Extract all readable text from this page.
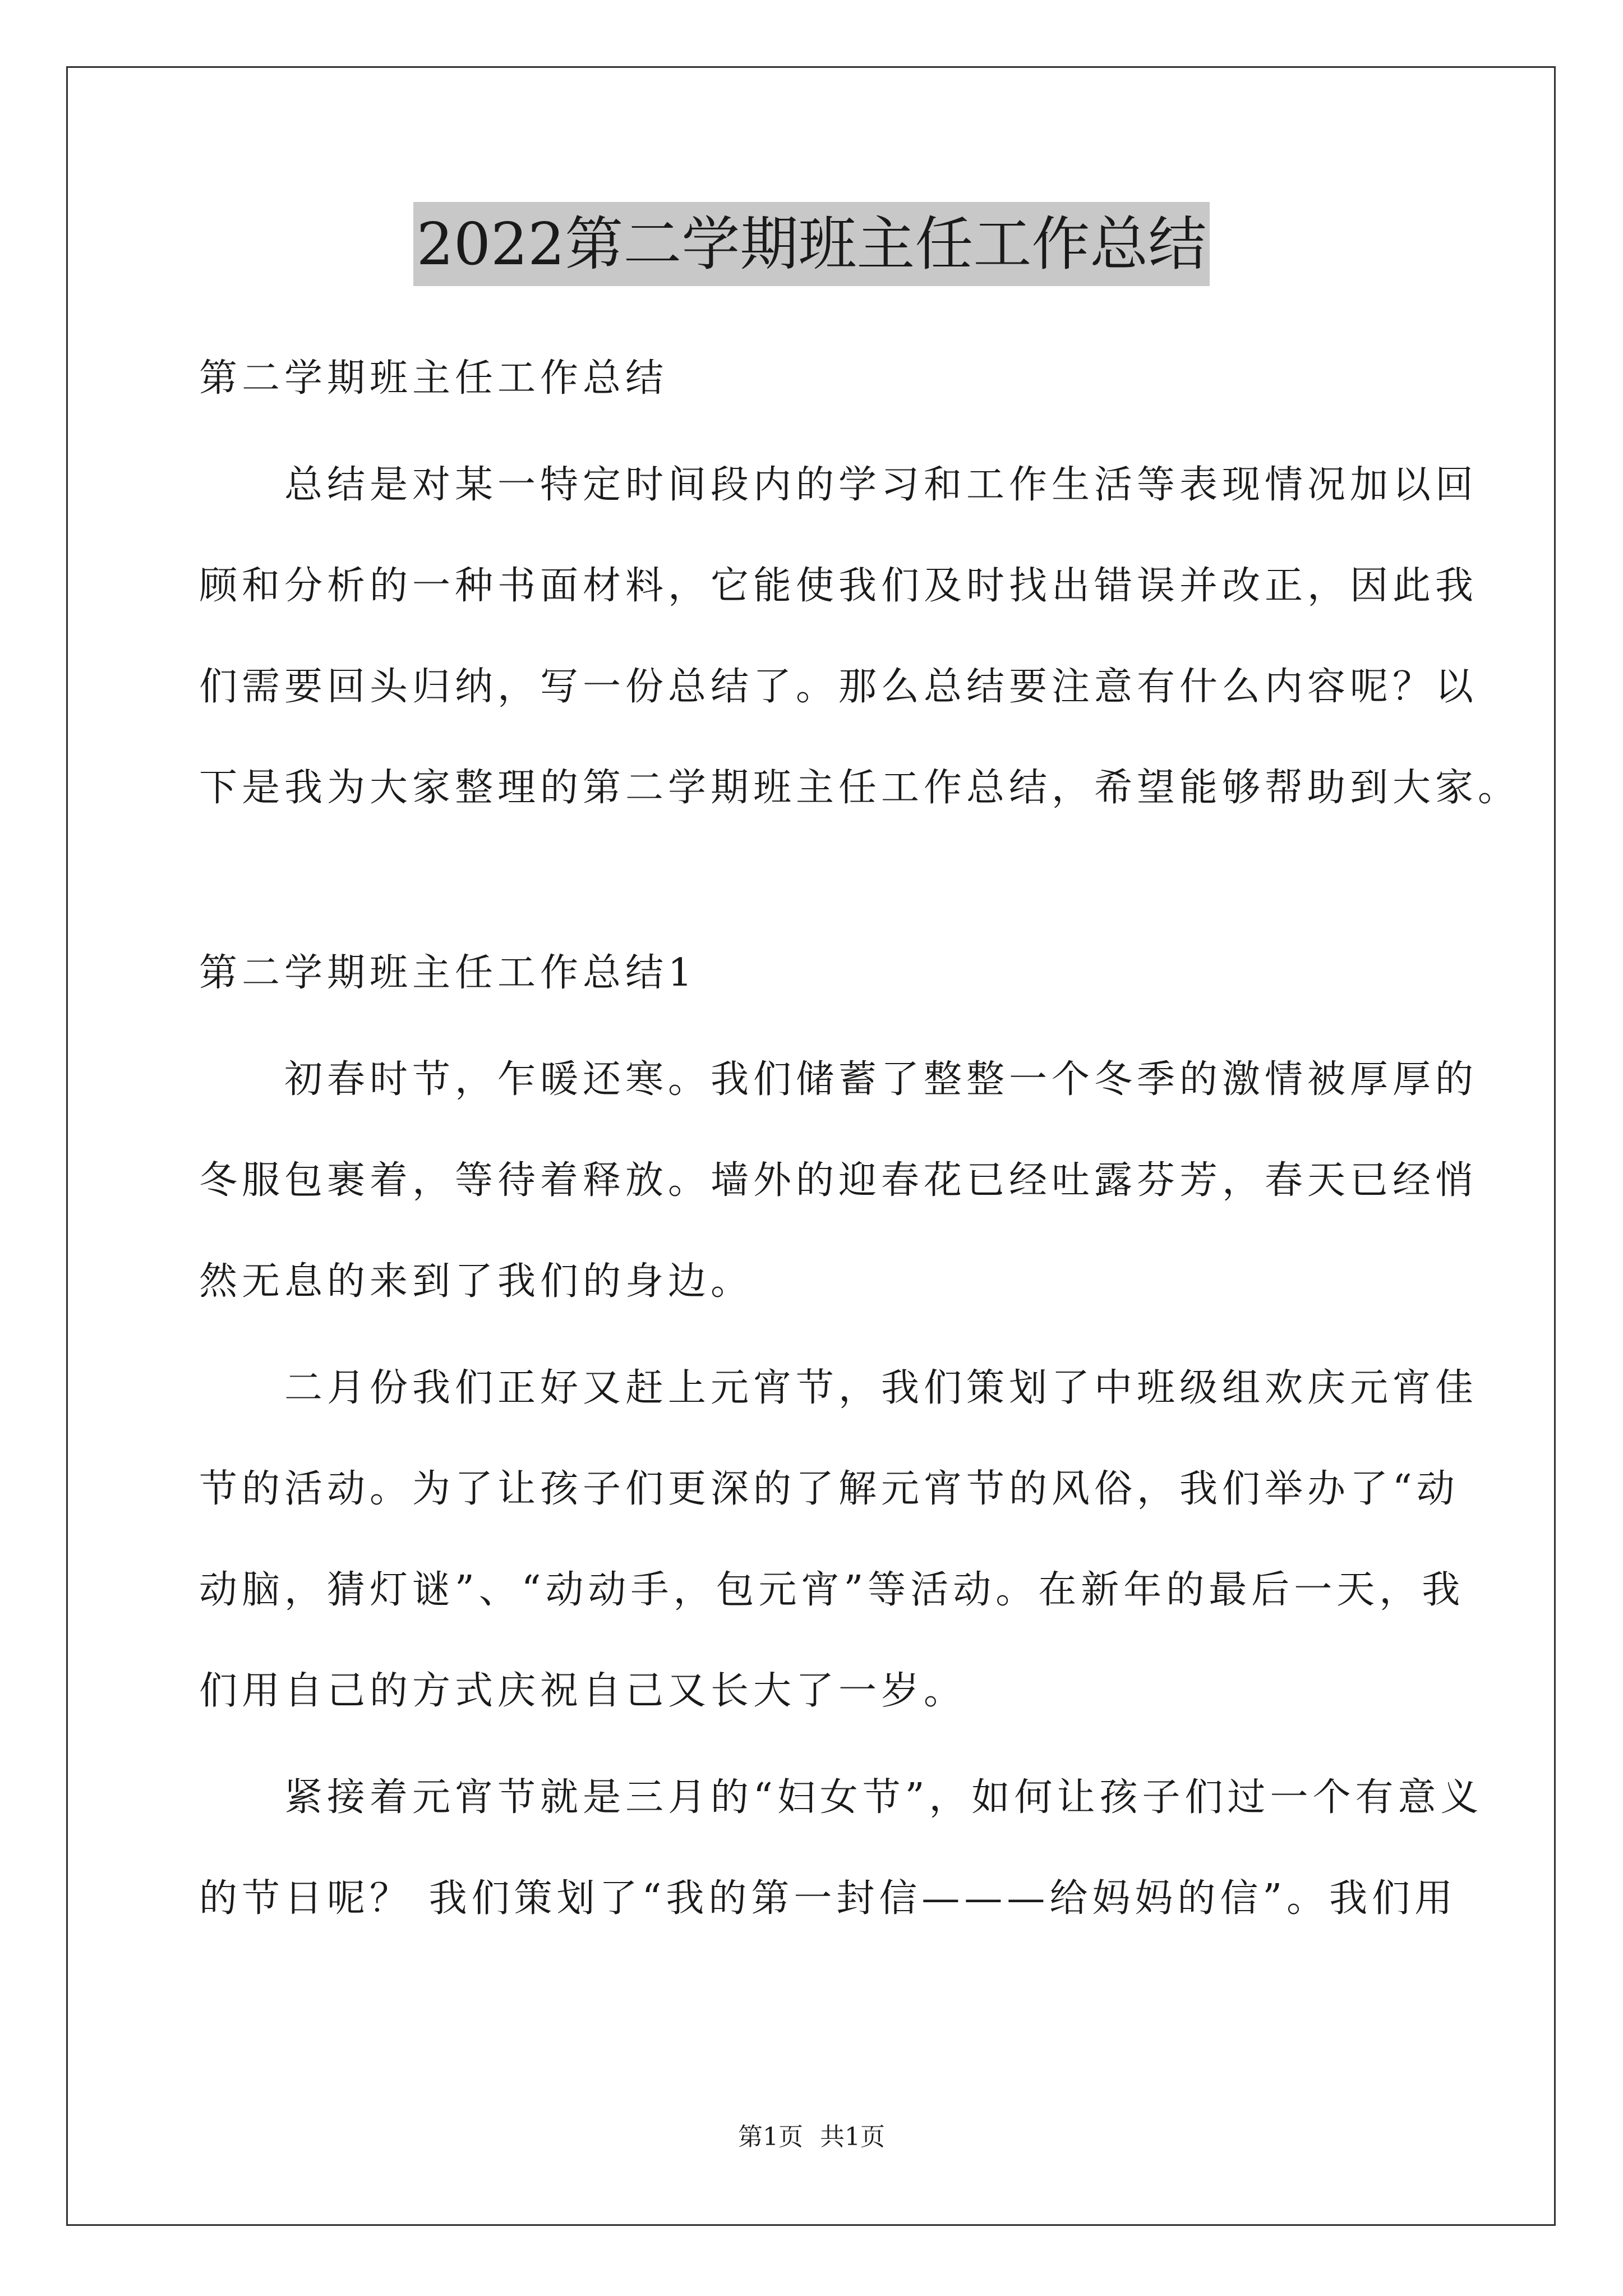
2022第二学期班主任工作总结
第二学期班主任工作总结
　　总结是对某一特定时间段内的学习和工作生活等表现情况加以回
顾和分析的一种书面材料，它能使我们及时找出错误并改正，因此我
们需要回头归纳，写一份总结了。那么总结要注意有什么内容呢？以
下是我为大家整理的第二学期班主任工作总结，希望能够帮助到大家。
第二学期班主任工作总结1
　　初春时节，乍暖还寒。我们储蓄了整整一个冬季的激情被厚厚的
冬服包裹着，等待着释放。墙外的迎春花已经吐露芬芳，春天已经悄
然无息的来到了我们的身边。
　　二月份我们正好又赶上元宵节，我们策划了中班级组欢庆元宵佳
节的活动。为了让孩子们更深的了解元宵节的风俗，我们举办了“动
动脑，猜灯谜”、“动动手，包元宵”等活动。在新年的最后一天，我
们用自己的方式庆祝自己又长大了一岁。
　　紧接着元宵节就是三月的“妇女节”，如何让孩子们过一个有意义
的节日呢？ 我们策划了“我的第一封信———给妈妈的信”。我们用
第1页 共1页
